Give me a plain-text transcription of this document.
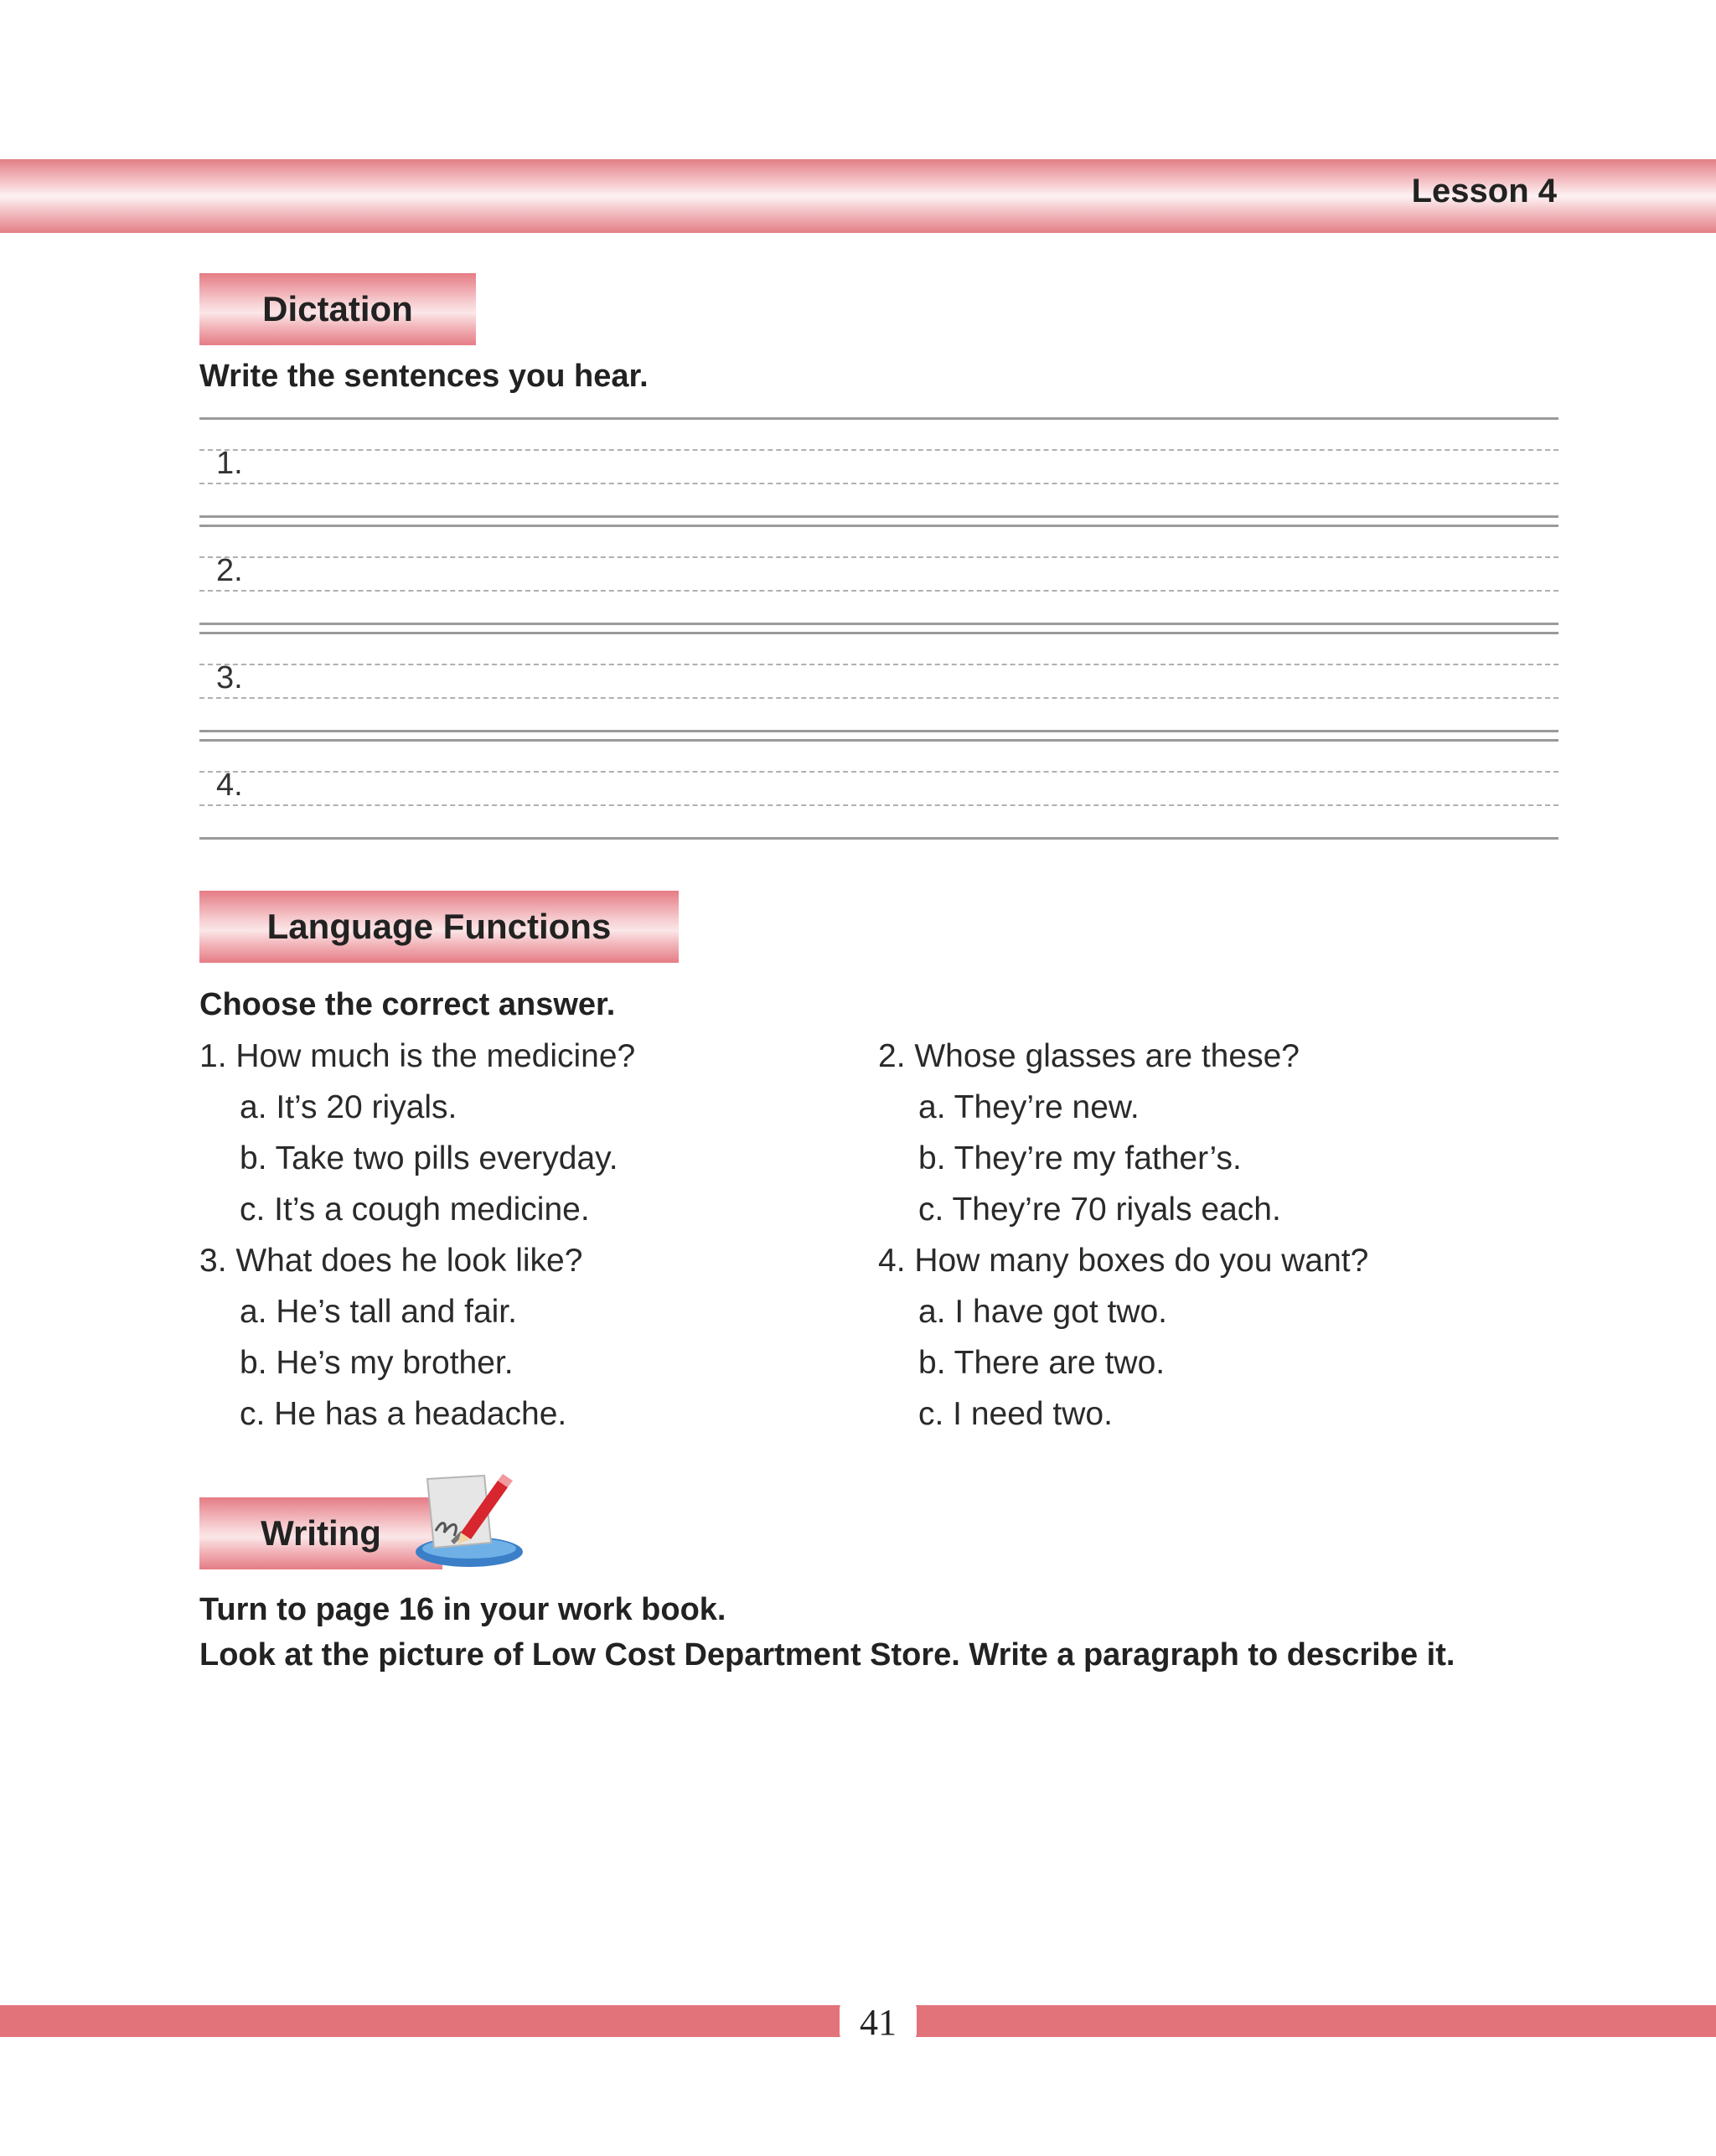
Lesson 4
Dictation
Write the sentences you hear.
1.
2.
3.
4.
Language Functions
Choose the correct answer.

1. How much is the medicine?

a. It’s 20 riyals.

b. Take two pills everyday.

c. It’s a cough medicine.

3. What does he look like?

a. He’s tall and fair.

b. He’s my brother.

c. He has a headache.

2. Whose glasses are these?

a. They’re new.

b. They’re my father’s.

c. They’re 70 riyals each.

4. How many boxes do you want?

a. I have got two.

b. There are two.

c. I need two.

Writing
Turn to page 16 in your work book.
Look at the picture of Low Cost Department Store. Write a paragraph to describe it.
41
